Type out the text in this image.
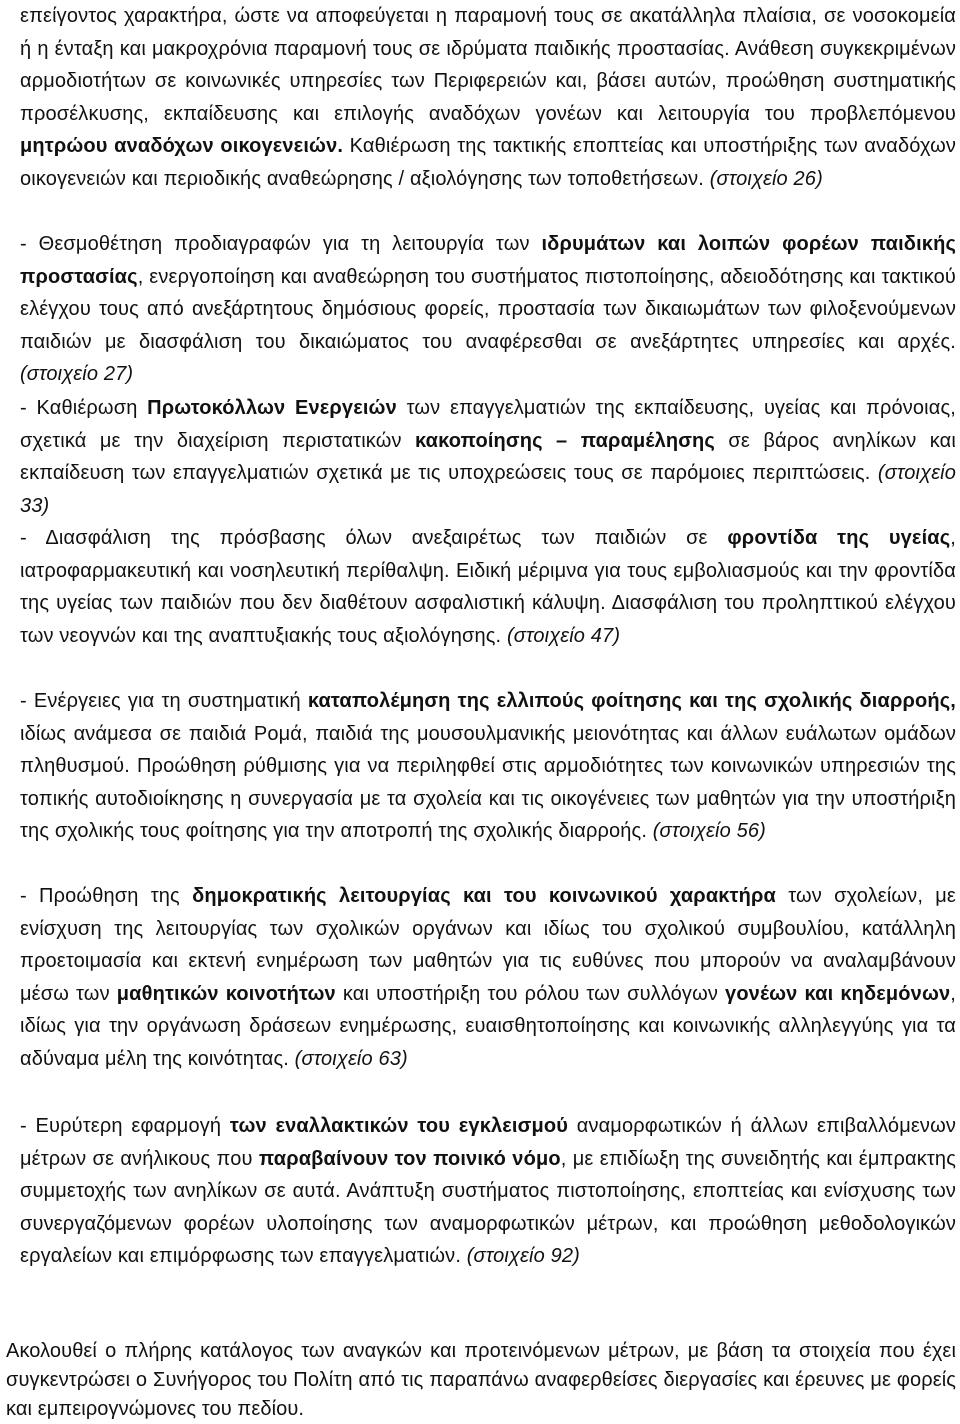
επείγοντος χαρακτήρα, ώστε να αποφεύγεται η παραμονή τους σε ακατάλληλα πλαίσια, σε νοσοκομεία ή η ένταξη και μακροχρόνια παραμονή τους σε ιδρύματα παιδικής προστασίας. Ανάθεση συγκεκριμένων αρμοδιοτήτων σε κοινωνικές υπηρεσίες των Περιφερειών και, βάσει αυτών, προώθηση συστηματικής προσέλκυσης, εκπαίδευσης και επιλογής αναδόχων γονέων και λειτουργία του προβλεπόμενου μητρώου αναδόχων οικογενειών. Καθιέρωση της τακτικής εποπτείας και υποστήριξης των αναδόχων οικογενειών και περιοδικής αναθεώρησης / αξιολόγησης των τοποθετήσεων. (στοιχείο 26)

- Θεσμοθέτηση προδιαγραφών για τη λειτουργία των ιδρυμάτων και λοιπών φορέων παιδικής προστασίας, ενεργοποίηση και αναθεώρηση του συστήματος πιστοποίησης, αδειοδότησης και τακτικού ελέγχου τους από ανεξάρτητους δημόσιους φορείς, προστασία των δικαιωμάτων των φιλοξενούμενων παιδιών με διασφάλιση του δικαιώματος του αναφέρεσθαι σε ανεξάρτητες υπηρεσίες και αρχές. (στοιχείο 27)

- Καθιέρωση Πρωτοκόλλων Ενεργειών των επαγγελματιών της εκπαίδευσης, υγείας και πρόνοιας, σχετικά με την διαχείριση περιστατικών κακοποίησης – παραμέλησης σε βάρος ανηλίκων και εκπαίδευση των επαγγελματιών σχετικά με τις υποχρεώσεις τους σε παρόμοιες περιπτώσεις. (στοιχείο 33)

- Διασφάλιση της πρόσβασης όλων ανεξαιρέτως των παιδιών σε φροντίδα της υγείας, ιατροφαρμακευτική και νοσηλευτική περίθαλψη. Ειδική μέριμνα για τους εμβολιασμούς και την φροντίδα της υγείας των παιδιών που δεν διαθέτουν ασφαλιστική κάλυψη. Διασφάλιση του προληπτικού ελέγχου των νεογνών και της αναπτυξιακής τους αξιολόγησης. (στοιχείο 47)

- Ενέργειες για τη συστηματική καταπολέμηση της ελλιπούς φοίτησης και της σχολικής διαρροής, ιδίως ανάμεσα σε παιδιά Ρομά, παιδιά της μουσουλμανικής μειονότητας και άλλων ευάλωτων ομάδων πληθυσμού. Προώθηση ρύθμισης για να περιληφθεί στις αρμοδιότητες των κοινωνικών υπηρεσιών της τοπικής αυτοδιοίκησης η συνεργασία με τα σχολεία και τις οικογένειες των μαθητών για την υποστήριξη της σχολικής τους φοίτησης για την αποτροπή της σχολικής διαρροής. (στοιχείο 56)

- Προώθηση της δημοκρατικής λειτουργίας και του κοινωνικού χαρακτήρα των σχολείων, με ενίσχυση της λειτουργίας των σχολικών οργάνων και ιδίως του σχολικού συμβουλίου, κατάλληλη προετοιμασία και εκτενή ενημέρωση των μαθητών για τις ευθύνες που μπορούν να αναλαμβάνουν μέσω των μαθητικών κοινοτήτων και υποστήριξη του ρόλου των συλλόγων γονέων και κηδεμόνων, ιδίως για την οργάνωση δράσεων ενημέρωσης, ευαισθητοποίησης και κοινωνικής αλληλεγγύης για τα αδύναμα μέλη της κοινότητας. (στοιχείο 63)

- Ευρύτερη εφαρμογή των εναλλακτικών του εγκλεισμού αναμορφωτικών ή άλλων επιβαλλόμενων μέτρων σε ανήλικους που παραβαίνουν τον ποινικό νόμο, με επιδίωξη της συνειδητής και έμπρακτης συμμετοχής των ανηλίκων σε αυτά. Ανάπτυξη συστήματος πιστοποίησης, εποπτείας και ενίσχυσης των συνεργαζόμενων φορέων υλοποίησης των αναμορφωτικών μέτρων, και προώθηση μεθοδολογικών εργαλείων και επιμόρφωσης των επαγγελματιών. (στοιχείο 92)

Ακολουθεί ο πλήρης κατάλογος των αναγκών και προτεινόμενων μέτρων, με βάση τα στοιχεία που έχει συγκεντρώσει ο Συνήγορος του Πολίτη από τις παραπάνω αναφερθείσες διεργασίες και έρευνες με φορείς και εμπειρογνώμονες του πεδίου.
